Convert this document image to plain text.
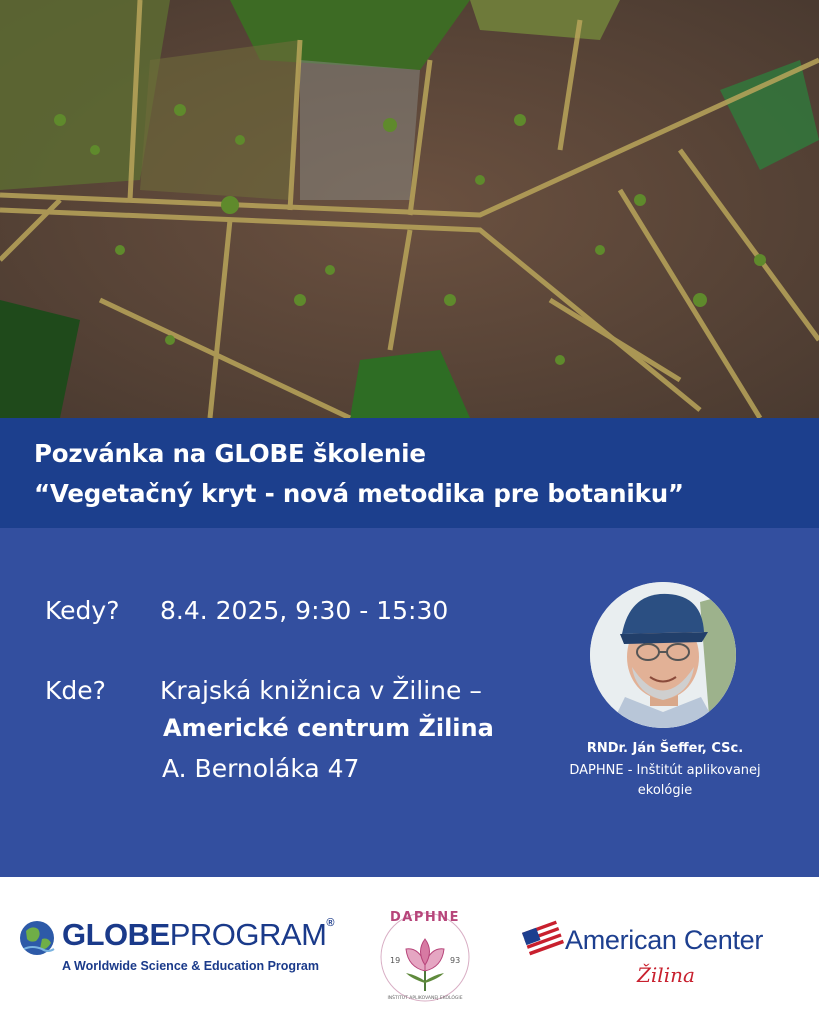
Pozvánka na GLOBE školenie
“Vegetačný kryt - nová metodika pre botaniku”
Kedy? 8.4. 2025, 9:30 - 15:30
Kde? Krajská knižnica v Žiline –
Americké centrum Žilina
A. Bernoláka 47
RNDr. Ján Šeffer, CSc.
DAPHNE - Inštitút aplikovanej
ekológie
GLOBEPROGRAM®
A Worldwide Science & Education Program
DAPHNE
19	93
INŠTITÚT APLIKOVANEJ EKOLÓGIE
American Center
Žilina
